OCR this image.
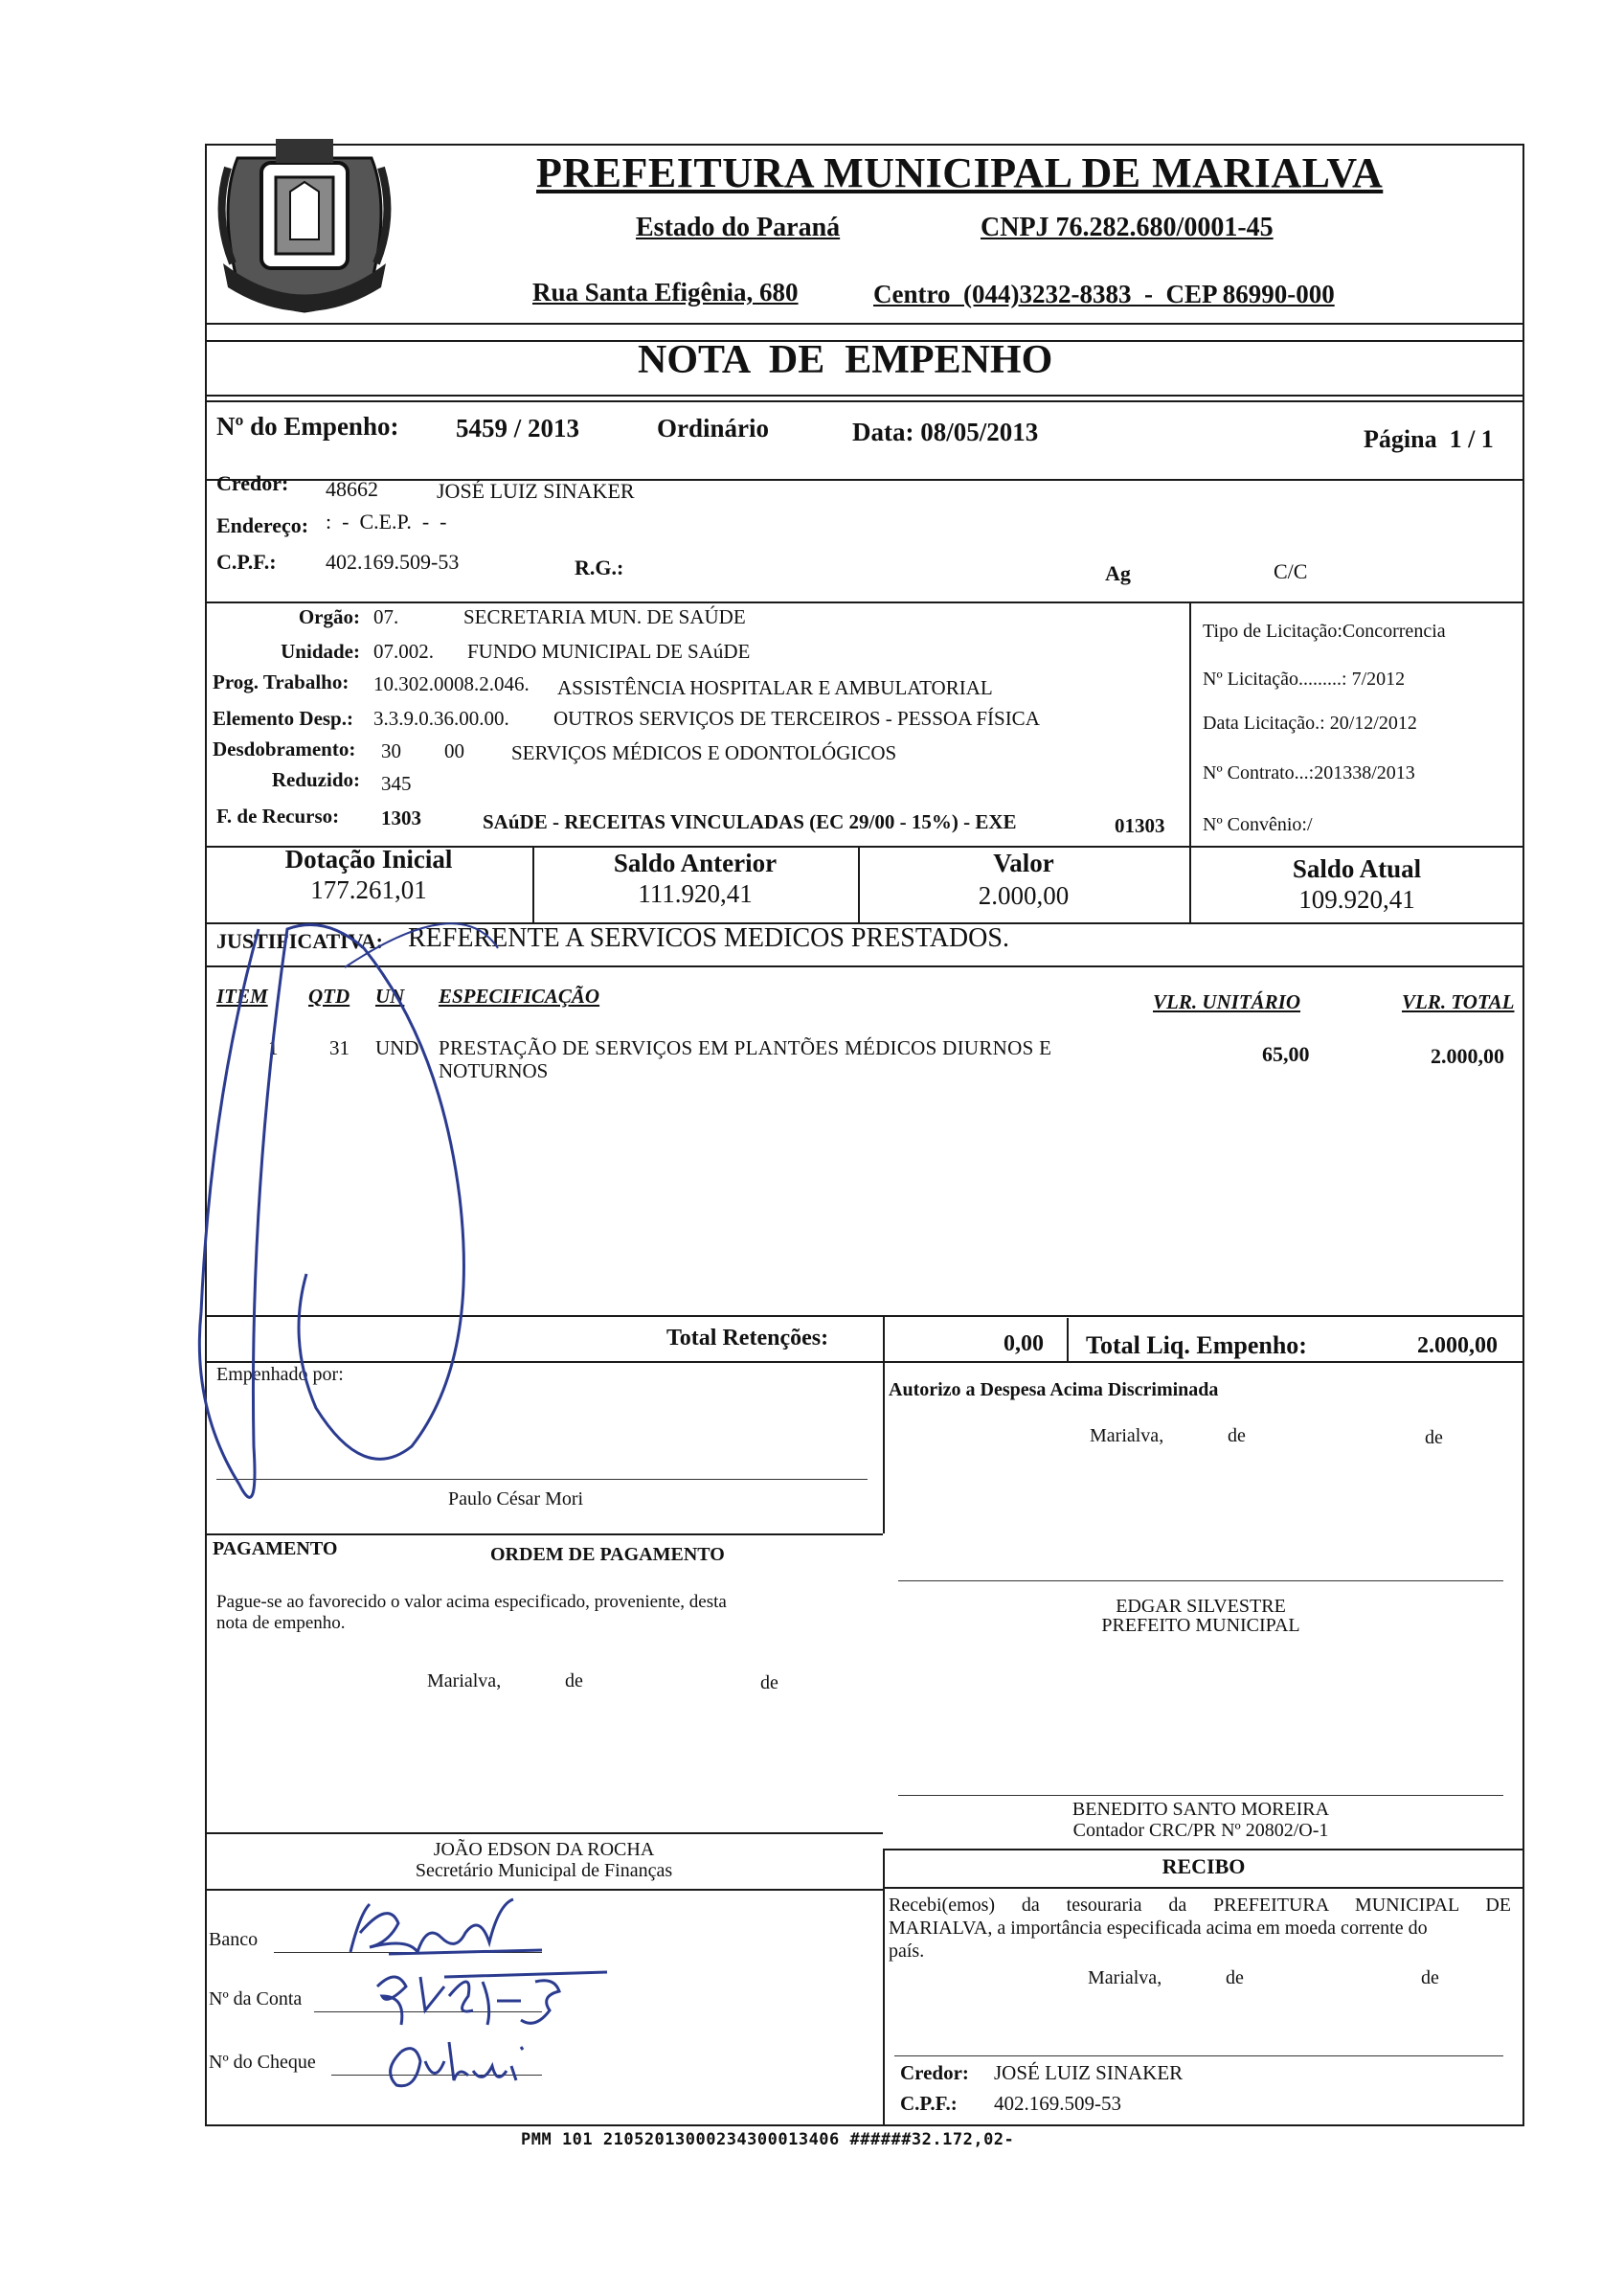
PREFEITURA MUNICIPAL DE MARIALVA
Estado do Paraná	CNPJ 76.282.680/0001-45
Rua Santa Efigênia, 680	Centro  (044)3232-8383  -  CEP 86990-000
NOTA  DE  EMPENHO
Nº do Empenho: 5459 / 2013	Ordinário	Data: 08/05/2013	Página  1 / 1
Credor: 48662	JOSÉ LUIZ SINAKER
Endereço: :  -  C.E.P.  -  -
C.P.F.: 402.169.509-53	R.G.:	Ag	C/C
Orgão: 07.	SECRETARIA MUN. DE SAÚDE
Unidade: 07.002. FUNDO MUNICIPAL DE SAúDE
Prog. Trabalho: 10.302.0008.2.046. ASSISTÊNCIA HOSPITALAR E AMBULATORIAL
Elemento Desp.: 3.3.9.0.36.00.00. OUTROS SERVIÇOS DE TERCEIROS - PESSOA FÍSICA
Desdobramento: 30 00 SERVIÇOS MÉDICOS E ODONTOLÓGICOS
Reduzido: 345
F. de Recurso: 1303	SAúDE - RECEITAS VINCULADAS (EC 29/00 - 15%) - EXE	01303
Tipo de Licitação:Concorrencia
Nº Licitação.........: 7/2012
Data Licitação.: 20/12/2012
Nº Contrato...:201338/2013
Nº Convênio:/
Dotação Inicial
177.261,01
Saldo Anterior
111.920,41
Valor
2.000,00
Saldo Atual
109.920,41
JUSTIFICATIVA: REFERENTE A SERVICOS MEDICOS PRESTADOS.
ITEM QTD UN ESPECIFICAÇÃO	VLR. UNITÁRIO	VLR. TOTAL
1	31 UND PRESTAÇÃO DE SERVIÇOS EM PLANTÕES MÉDICOS DIURNOS E
NOTURNOS
65,00	2.000,00
Total Retenções:	0,00 Total Liq. Empenho:	2.000,00
Empenhado por:
Paulo César Mori
Autorizo a Despesa Acima Discriminada
Marialva,	de	de
PAGAMENTO	ORDEM DE PAGAMENTO
Pague-se ao favorecido o valor acima especificado, proveniente, desta
nota de empenho.
Marialva,	de	de
EDGAR SILVESTRE
PREFEITO MUNICIPAL
BENEDITO SANTO MOREIRA
Contador CRC/PR Nº 20802/O-1
JOÃO EDSON DA ROCHA
Secretário Municipal de Finanças
Banco
Nº da Conta
Nº do Cheque
RECIBO
Recebi(emos) da tesouraria da PREFEITURA MUNICIPAL DE
MARIALVA, a importância especificada acima em moeda corrente do
país.
Marialva,	de	de
Credor: JOSÉ LUIZ SINAKER
C.P.F.: 402.169.509-53
PMM 101 21052013000234300013406 ######32.172,02-
